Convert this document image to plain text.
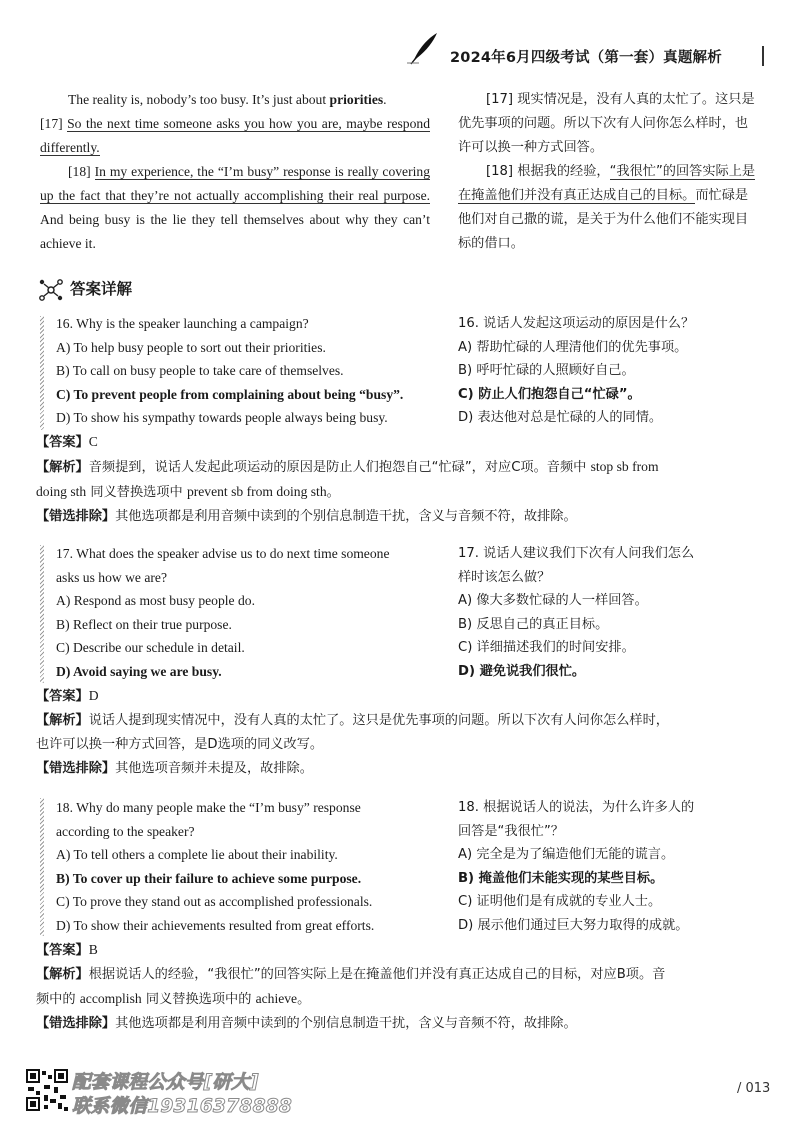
2024年6月四级考试（第一套）真题解析

The reality is, nobody’s too busy. It’s just about priorities.

[17] So the next time someone asks you how you are, maybe respond differently.

[18] In my experience, the “I’m busy” response is really covering up the fact that they’re not actually accomplishing their real purpose. And being busy is the lie they tell themselves about why they can’t achieve it.

[17] 现实情况是，没有人真的太忙了。这只是优先事项的问题。所以下次有人问你怎么样时，也许可以换一种方式回答。

[18] 根据我的经验，“我很忙”的回答实际上是在掩盖他们并没有真正达成自己的目标。而忙碌是他们对自己撒的谎，是关于为什么他们不能实现目标的借口。

答案详解
16. Why is the speaker launching a campaign?
A) To help busy people to sort out their priorities.
B) To call on busy people to take care of themselves.
C) To prevent people from complaining about being “busy”.
D) To show his sympathy towards people always being busy.
16. 说话人发起这项运动的原因是什么？
A) 帮助忙碌的人理清他们的优先事项。
B) 呼吁忙碌的人照顾好自己。
C) 防止人们抱怨自己“忙碌”。
D) 表达他对总是忙碌的人的同情。
【答案】C
【解析】音频提到，说话人发起此项运动的原因是防止人们抱怨自己“忙碌”，对应C项。音频中 stop sb from
doing sth 同义替换选项中 prevent sb from doing sth。
【错选排除】其他选项都是利用音频中读到的个别信息制造干扰，含义与音频不符，故排除。
17. What does the speaker advise us to do next time someone
asks us how we are?
A) Respond as most busy people do.
B) Reflect on their true purpose.
C) Describe our schedule in detail.
D) Avoid saying we are busy.
17. 说话人建议我们下次有人问我们怎么
样时该怎么做？
A) 像大多数忙碌的人一样回答。
B) 反思自己的真正目标。
C) 详细描述我们的时间安排。
D) 避免说我们很忙。
【答案】D
【解析】说话人提到现实情况中，没有人真的太忙了。这只是优先事项的问题。所以下次有人问你怎么样时，
也许可以换一种方式回答，是D选项的同义改写。
【错选排除】其他选项音频并未提及，故排除。
18. Why do many people make the “I’m busy” response
according to the speaker?
A) To tell others a complete lie about their inability.
B) To cover up their failure to achieve some purpose.
C) To prove they stand out as accomplished professionals.
D) To show their achievements resulted from great efforts.
18. 根据说话人的说法，为什么许多人的
回答是“我很忙”？
A) 完全是为了编造他们无能的谎言。
B) 掩盖他们未能实现的某些目标。
C) 证明他们是有成就的专业人士。
D) 展示他们通过巨大努力取得的成就。
【答案】B
【解析】根据说话人的经验，“我很忙”的回答实际上是在掩盖他们并没有真正达成自己的目标，对应B项。音
频中的 accomplish 同义替换选项中的 achieve。
【错选排除】其他选项都是利用音频中读到的个别信息制造干扰，含义与音频不符，故排除。
配套课程公众号[研大]
联系微信19316378888
/ 013
